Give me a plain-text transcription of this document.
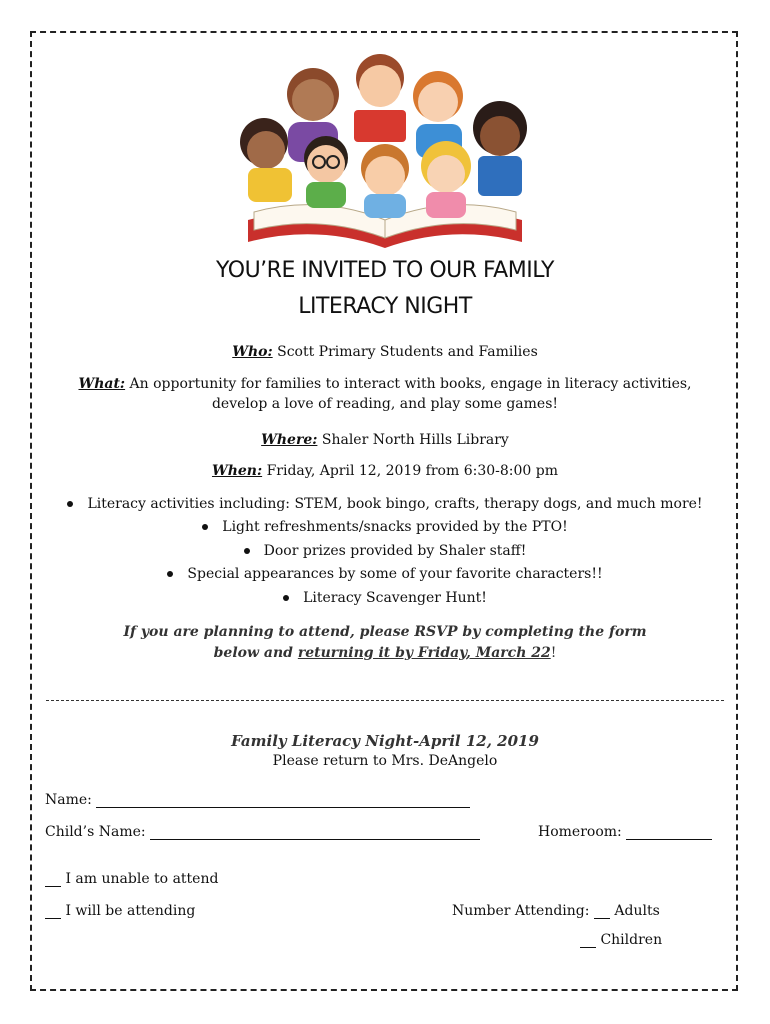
YOU’RE INVITED TO OUR FAMILY
LITERACY NIGHT
Who: Scott Primary Students and Families
What: An opportunity for families to interact with books, engage in literacy activities,
develop a love of reading, and play some games!
Where: Shaler North Hills Library
When: Friday, April 12, 2019 from 6:30-8:00 pm
Literacy activities including: STEM, book bingo, crafts, therapy dogs, and much more!
Light refreshments/snacks provided by the PTO!
Door prizes provided by Shaler staff!
Special appearances by some of your favorite characters!!
Literacy Scavenger Hunt!
If you are planning to attend, please RSVP by completing the form
below and returning it by Friday, March 22!
Family Literacy Night-April 12, 2019
Please return to Mrs. DeAngelo
Name:
Child’s Name:	Homeroom:
I am unable to attend
I will be attending	Number Attending: Adults
Children
